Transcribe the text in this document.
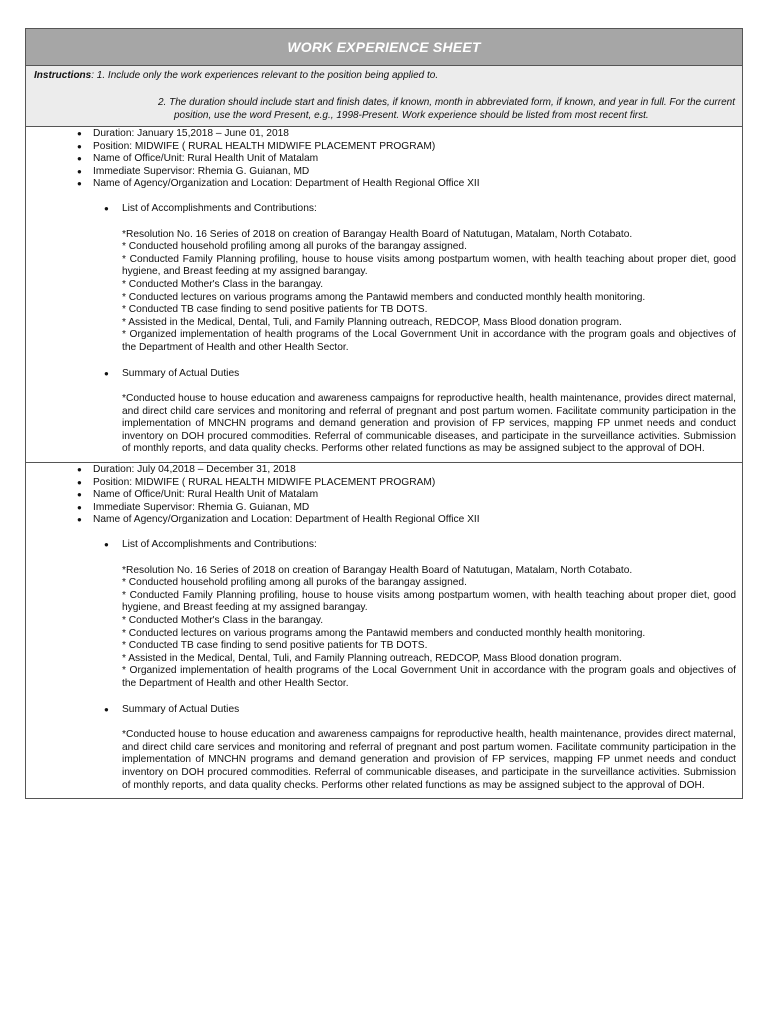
WORK EXPERIENCE SHEET
Instructions: 1. Include only the work experiences relevant to the position being applied to.
2. The duration should include start and finish dates, if known, month in abbreviated form, if known, and year in full. For the current position, use the word Present, e.g., 1998-Present. Work experience should be listed from most recent first.
● Duration: January 15,2018 – June 01, 2018
● Position: MIDWIFE ( RURAL HEALTH MIDWIFE PLACEMENT PROGRAM)
● Name of Office/Unit: Rural Health Unit of Matalam
● Immediate Supervisor: Rhemia G. Guianan, MD
● Name of Agency/Organization and Location: Department of Health Regional Office XII
● List of Accomplishments and Contributions:

*Resolution No. 16 Series of 2018 on creation of Barangay Health Board of Natutugan, Matalam, North Cotabato.

* Conducted household profiling among all puroks of the barangay assigned.

* Conducted Family Planning profiling, house to house visits among postpartum women, with health teaching about proper diet, good hygiene, and Breast feeding at my assigned barangay.

* Conducted Mother's Class in the barangay.

* Conducted lectures on various programs among the Pantawid members and conducted monthly health monitoring.

* Conducted TB case finding to send positive patients for TB DOTS.

* Assisted in the Medical, Dental, Tuli, and Family Planning outreach, REDCOP, Mass Blood donation program.

* Organized implementation of health programs of the Local Government Unit in accordance with the program goals and objectives of the Department of Health and other Health Sector.

● Summary of Actual Duties

*Conducted house to house education and awareness campaigns for reproductive health, health maintenance, provides direct maternal, and direct child care services and monitoring and referral of pregnant and post partum women. Facilitate community participation in the implementation of MNCHN programs and demand generation and provision of FP services, mapping FP unmet needs and conduct inventory on DOH procured commodities. Referral of communicable diseases, and participate in the surveillance activities. Submission of monthly reports, and data quality checks. Performs other related functions as may be assigned subject to the approval of DOH.

● Duration: July 04,2018 – December 31, 2018
● Position: MIDWIFE ( RURAL HEALTH MIDWIFE PLACEMENT PROGRAM)
● Name of Office/Unit: Rural Health Unit of Matalam
● Immediate Supervisor: Rhemia G. Guianan, MD
● Name of Agency/Organization and Location: Department of Health Regional Office XII
● List of Accomplishments and Contributions:

*Resolution No. 16 Series of 2018 on creation of Barangay Health Board of Natutugan, Matalam, North Cotabato.

* Conducted household profiling among all puroks of the barangay assigned.

* Conducted Family Planning profiling, house to house visits among postpartum women, with health teaching about proper diet, good hygiene, and Breast feeding at my assigned barangay.

* Conducted Mother's Class in the barangay.

* Conducted lectures on various programs among the Pantawid members and conducted monthly health monitoring.

* Conducted TB case finding to send positive patients for TB DOTS.

* Assisted in the Medical, Dental, Tuli, and Family Planning outreach, REDCOP, Mass Blood donation program.

* Organized implementation of health programs of the Local Government Unit in accordance with the program goals and objectives of the Department of Health and other Health Sector.

● Summary of Actual Duties

*Conducted house to house education and awareness campaigns for reproductive health, health maintenance, provides direct maternal, and direct child care services and monitoring and referral of pregnant and post partum women. Facilitate community participation in the implementation of MNCHN programs and demand generation and provision of FP services, mapping FP unmet needs and conduct inventory on DOH procured commodities. Referral of communicable diseases, and participate in the surveillance activities. Submission of monthly reports, and data quality checks. Performs other related functions as may be assigned subject to the approval of DOH.
